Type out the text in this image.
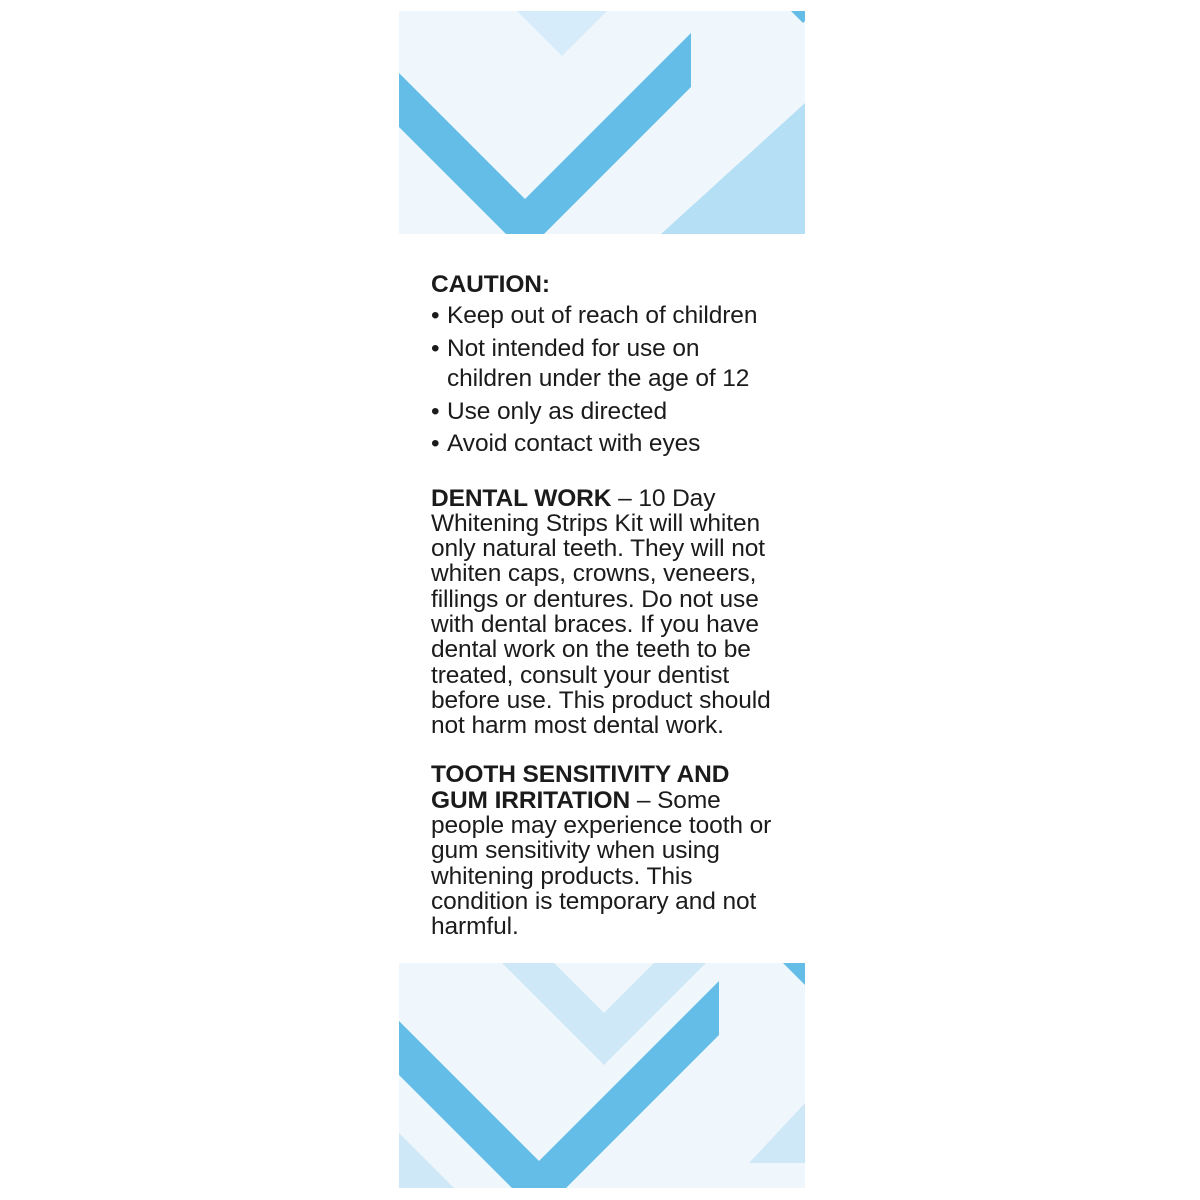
CAUTION:
• Keep out of reach of children
• Not intended for use on children under the age of 12
• Use only as directed
• Avoid contact with eyes

DENTAL WORK – 10 Day Whitening Strips Kit will whiten only natural teeth. They will not whiten caps, crowns, veneers, fillings or dentures. Do not use with dental braces. If you have dental work on the teeth to be treated, consult your dentist before use. This product should not harm most dental work.

TOOTH SENSITIVITY AND GUM IRRITATION – Some people may experience tooth or gum sensitivity when using whitening products. This condition is temporary and not harmful.
